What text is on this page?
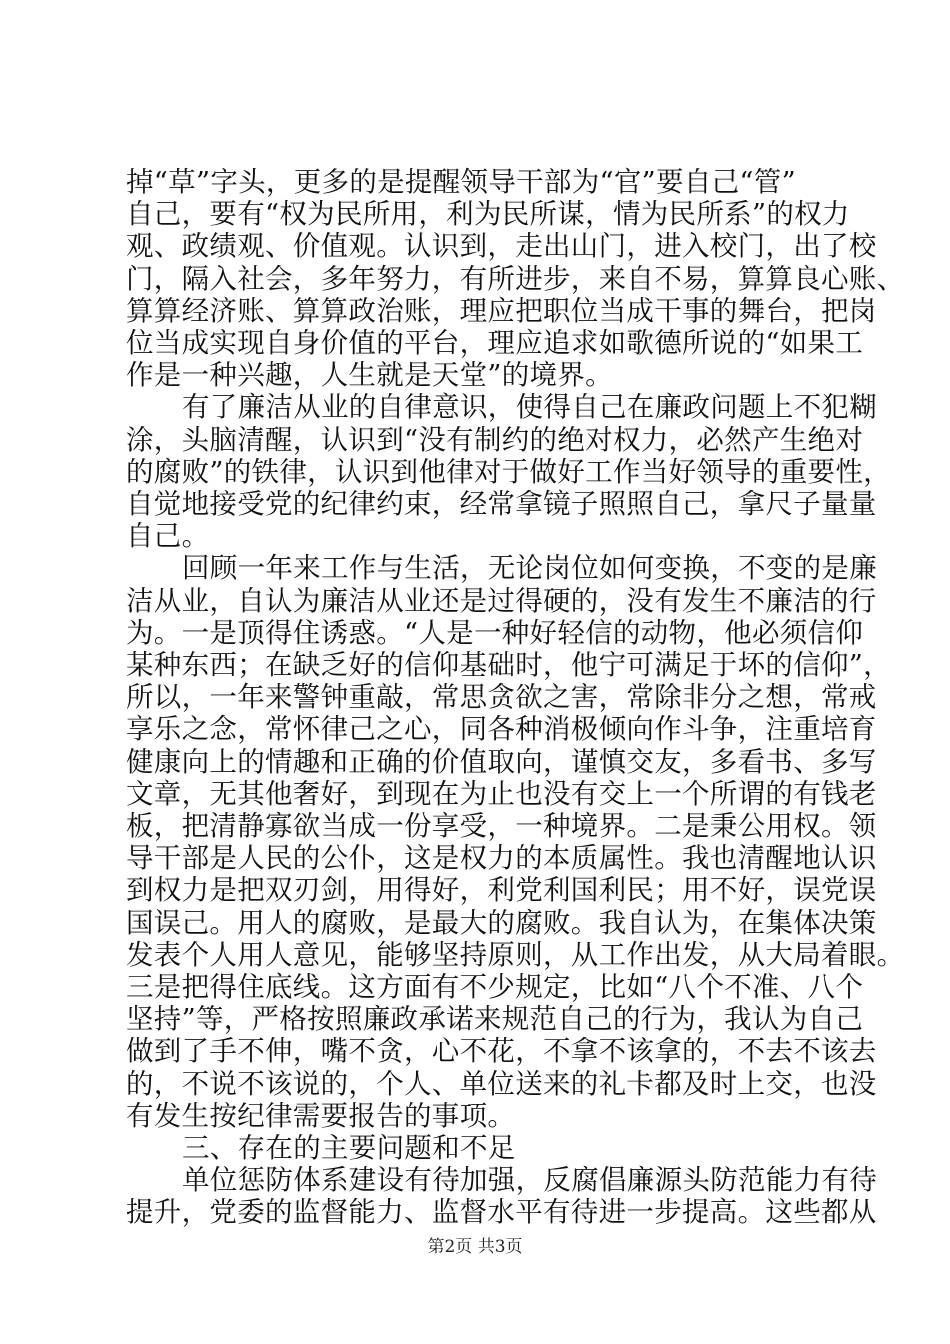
掉“草”字头，更多的是提醒领导干部为“官”要自己“管”
自己，要有“权为民所用，利为民所谋，情为民所系”的权力
观、政绩观、价值观。认识到，走出山门，进入校门，出了校
门，隔入社会，多年努力，有所进步，来自不易，算算良心账、
算算经济账、算算政治账，理应把职位当成干事的舞台，把岗
位当成实现自身价值的平台，理应追求如歌德所说的“如果工
作是一种兴趣，人生就是天堂”的境界。
有了廉洁从业的自律意识，使得自己在廉政问题上不犯糊
涂，头脑清醒，认识到“没有制约的绝对权力，必然产生绝对
的腐败”的铁律，认识到他律对于做好工作当好领导的重要性，
自觉地接受党的纪律约束，经常拿镜子照照自己，拿尺子量量
自己。
回顾一年来工作与生活，无论岗位如何变换，不变的是廉
洁从业，自认为廉洁从业还是过得硬的，没有发生不廉洁的行
为。一是顶得住诱惑。“人是一种好轻信的动物，他必须信仰
某种东西；在缺乏好的信仰基础时，他宁可满足于坏的信仰”，
所以，一年来警钟重敲，常思贪欲之害，常除非分之想，常戒
享乐之念，常怀律己之心，同各种消极倾向作斗争，注重培育
健康向上的情趣和正确的价值取向，谨慎交友，多看书、多写
文章，无其他奢好，到现在为止也没有交上一个所谓的有钱老
板，把清静寡欲当成一份享受，一种境界。二是秉公用权。领
导干部是人民的公仆，这是权力的本质属性。我也清醒地认识
到权力是把双刃剑，用得好，利党利国利民；用不好，误党误
国误己。用人的腐败，是最大的腐败。我自认为，在集体决策
发表个人用人意见，能够坚持原则，从工作出发，从大局着眼。
三是把得住底线。这方面有不少规定，比如“八个不准、八个
坚持”等，严格按照廉政承诺来规范自己的行为，我认为自己
做到了手不伸，嘴不贪，心不花，不拿不该拿的，不去不该去
的，不说不该说的，个人、单位送来的礼卡都及时上交，也没
有发生按纪律需要报告的事项。
三、存在的主要问题和不足
单位惩防体系建设有待加强，反腐倡廉源头防范能力有待
提升，党委的监督能力、监督水平有待进一步提高。这些都从
第2页 共3页
